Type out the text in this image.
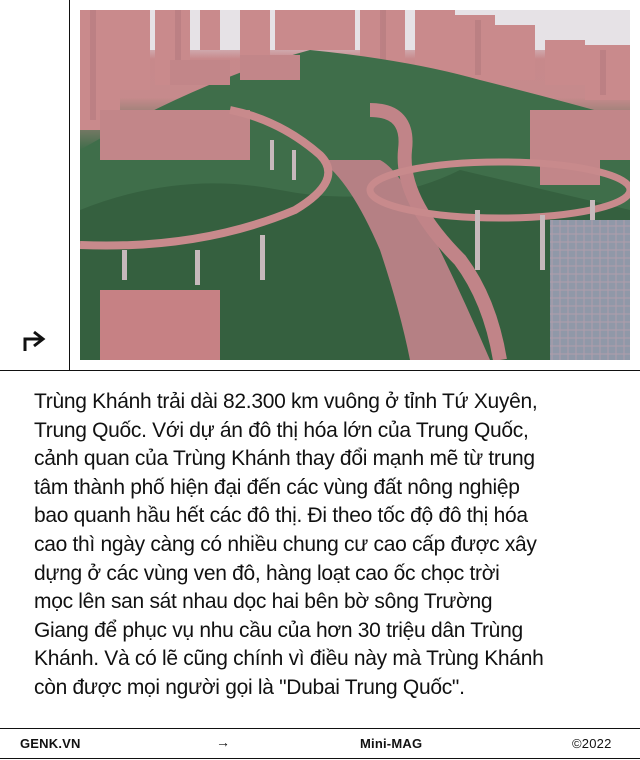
Trùng Khánh trải dài 82.300 km vuông ở tỉnh Tứ Xuyên,
Trung Quốc. Với dự án đô thị hóa lớn của Trung Quốc,
cảnh quan của Trùng Khánh thay đổi mạnh mẽ từ trung
tâm thành phố hiện đại đến các vùng đất nông nghiệp
bao quanh hầu hết các đô thị. Đi theo tốc độ đô thị hóa
cao thì ngày càng có nhiều chung cư cao cấp được xây
dựng ở các vùng ven đô, hàng loạt cao ốc chọc trời
mọc lên san sát nhau dọc hai bên bờ sông Trường
Giang để phục vụ nhu cầu của hơn 30 triệu dân Trùng
Khánh. Và có lẽ cũng chính vì điều này mà Trùng Khánh
còn được mọi người gọi là "Dubai Trung Quốc".
GENK.VN	→	Mini-MAG	©2022
